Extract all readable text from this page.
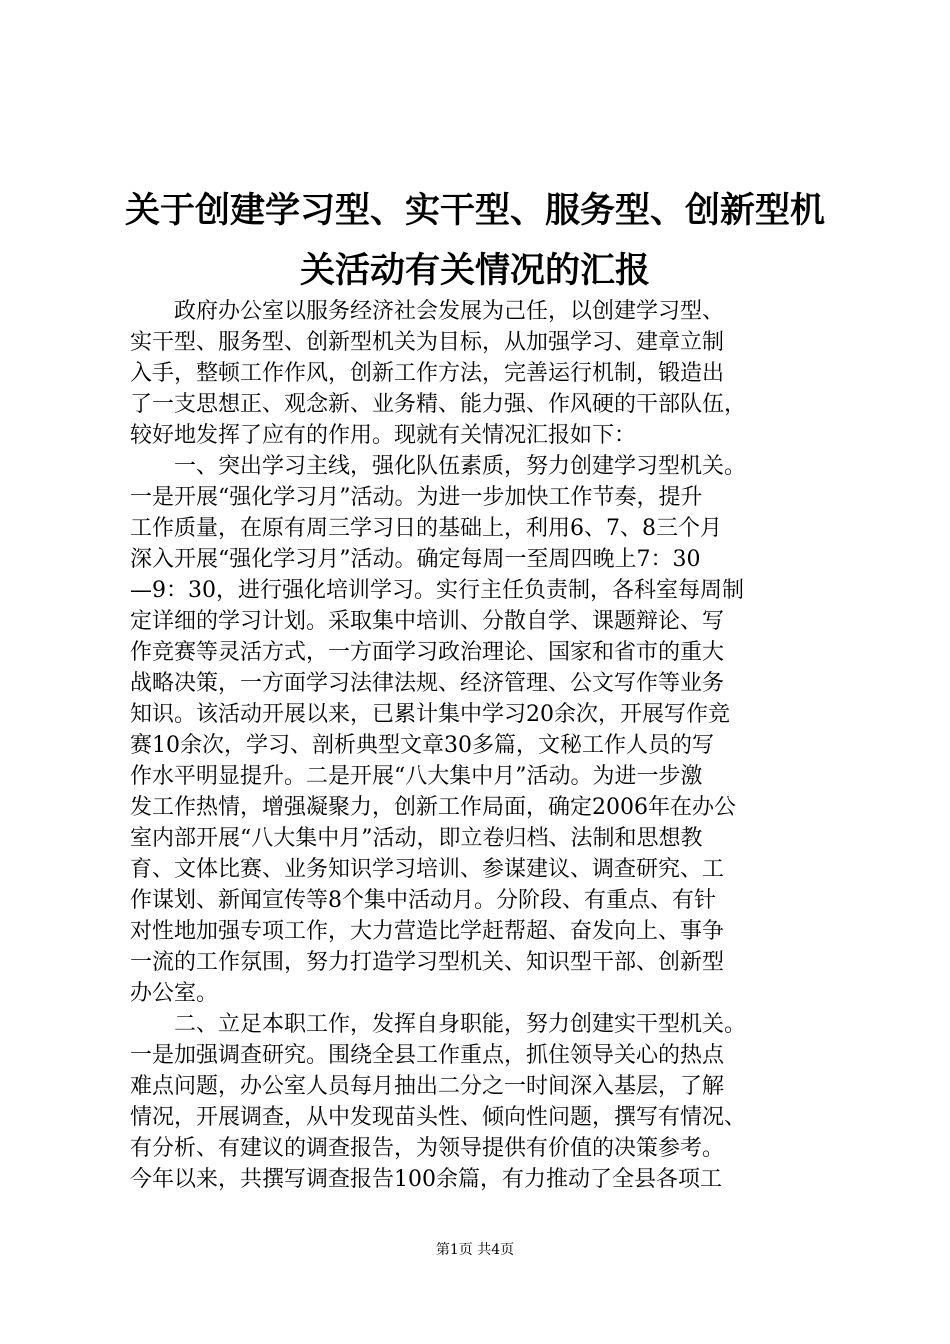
关于创建学习型、实干型、服务型、创新型机
关活动有关情况的汇报
　　政府办公室以服务经济社会发展为己任，以创建学习型、
实干型、服务型、创新型机关为目标，从加强学习、建章立制
入手，整顿工作作风，创新工作方法，完善运行机制，锻造出
了一支思想正、观念新、业务精、能力强、作风硬的干部队伍，
较好地发挥了应有的作用。现就有关情况汇报如下：
　　一、突出学习主线，强化队伍素质，努力创建学习型机关。
一是开展“强化学习月”活动。为进一步加快工作节奏，提升
工作质量，在原有周三学习日的基础上，利用6、7、8三个月
深入开展“强化学习月”活动。确定每周一至周四晚上7：30
—9：30，进行强化培训学习。实行主任负责制，各科室每周制
定详细的学习计划。采取集中培训、分散自学、课题辩论、写
作竞赛等灵活方式，一方面学习政治理论、国家和省市的重大
战略决策，一方面学习法律法规、经济管理、公文写作等业务
知识。该活动开展以来，已累计集中学习20余次，开展写作竞
赛10余次，学习、剖析典型文章30多篇，文秘工作人员的写
作水平明显提升。二是开展“八大集中月”活动。为进一步激
发工作热情，增强凝聚力，创新工作局面，确定2006年在办公
室内部开展“八大集中月”活动，即立卷归档、法制和思想教
育、文体比赛、业务知识学习培训、参谋建议、调查研究、工
作谋划、新闻宣传等8个集中活动月。分阶段、有重点、有针
对性地加强专项工作，大力营造比学赶帮超、奋发向上、事争
一流的工作氛围，努力打造学习型机关、知识型干部、创新型
办公室。
　　二、立足本职工作，发挥自身职能，努力创建实干型机关。
一是加强调查研究。围绕全县工作重点，抓住领导关心的热点
难点问题，办公室人员每月抽出二分之一时间深入基层，了解
情况，开展调查，从中发现苗头性、倾向性问题，撰写有情况、
有分析、有建议的调查报告，为领导提供有价值的决策参考。
今年以来，共撰写调查报告100余篇，有力推动了全县各项工
第1页 共4页
